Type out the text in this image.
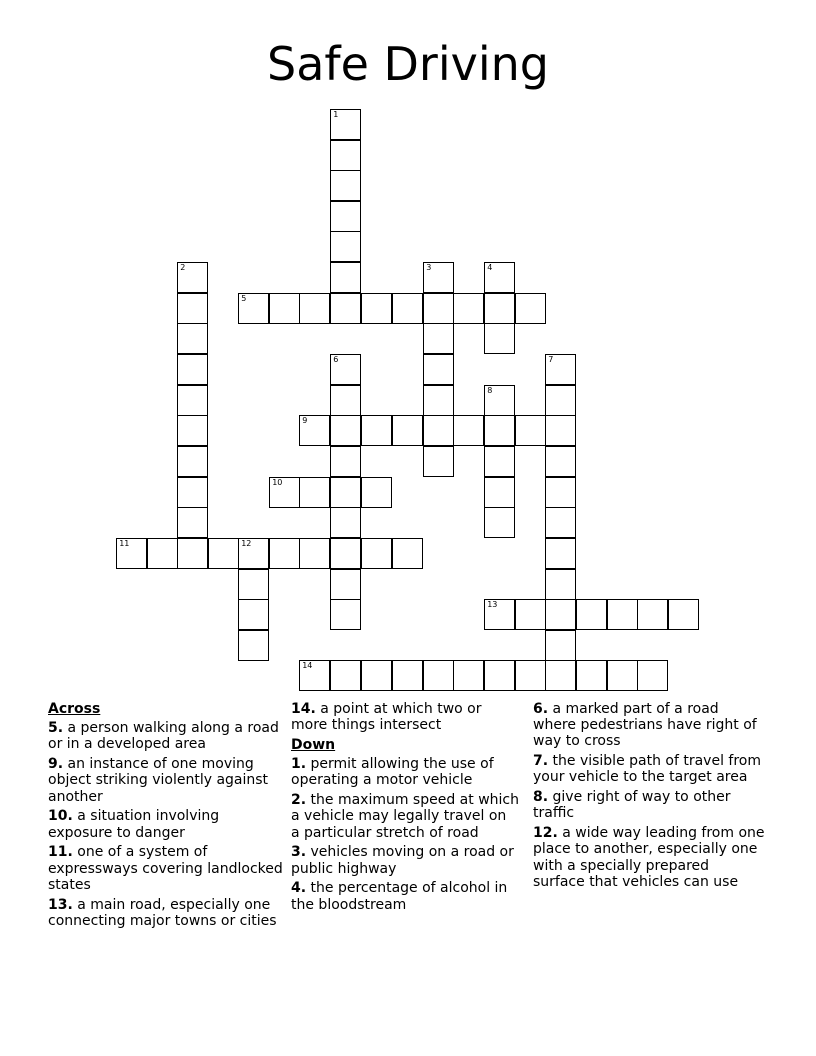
Safe Driving
1
2	3	4
5
6	7
8
9
10
11	12
13
14
Across
5. a person walking along a road or in a developed area
9. an instance of one moving object striking violently against another
10. a situation involving exposure to danger
11. one of a system of expressways covering landlocked states
13. a main road, especially one connecting major towns or cities
14. a point at which two or more things intersect
Down
1. permit allowing the use of operating a motor vehicle
2. the maximum speed at which a vehicle may legally travel on a particular stretch of road
3. vehicles moving on a road or public highway
4. the percentage of alcohol in the bloodstream
6. a marked part of a road where pedestrians have right of way to cross
7. the visible path of travel from your vehicle to the target area
8. give right of way to other traffic
12. a wide way leading from one place to another, especially one with a specially prepared surface that vehicles can use
